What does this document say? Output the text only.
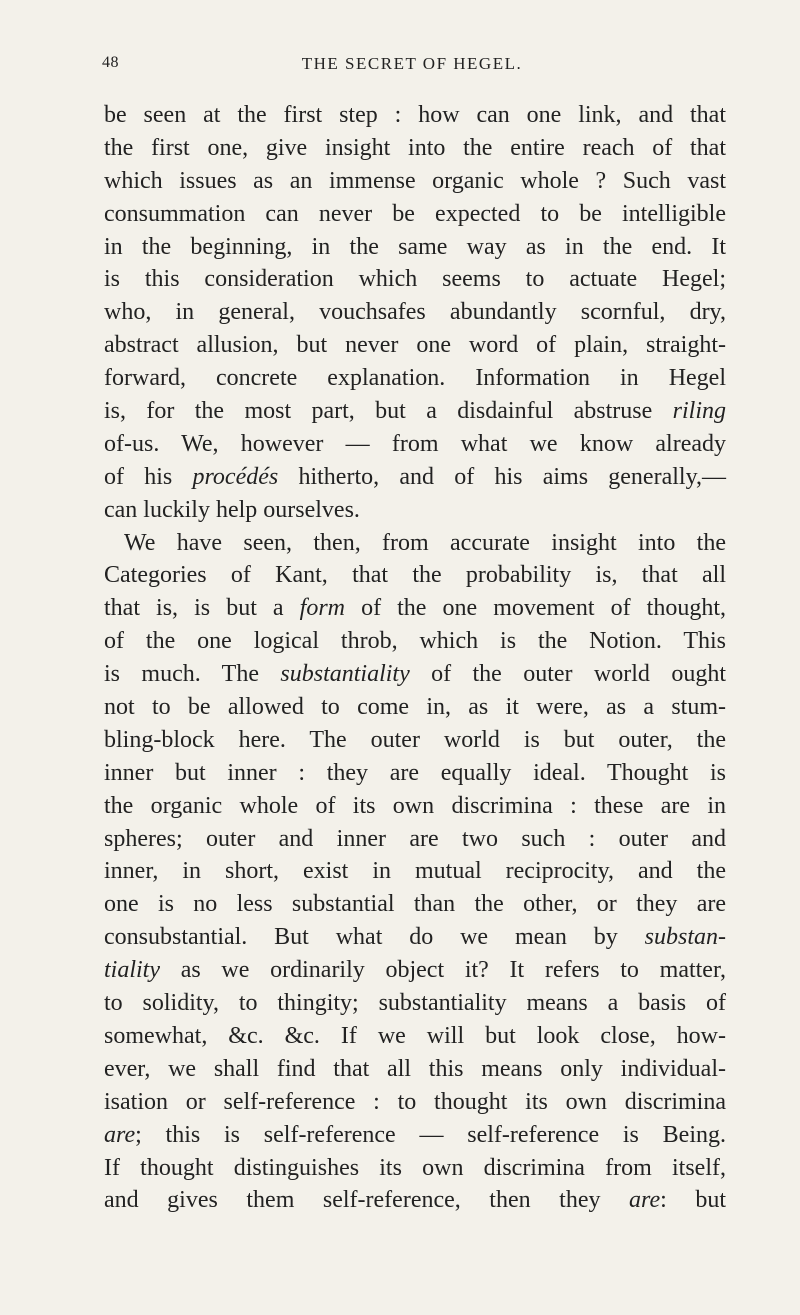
48	THE SECRET OF HEGEL.
be seen at the first step : how can one link, and that
the first one, give insight into the entire reach of that
which issues as an immense organic whole ? Such vast
consummation can never be expected to be intelligible
in the beginning, in the same way as in the end. It
is this consideration which seems to actuate Hegel;
who, in general, vouchsafes abundantly scornful, dry,
abstract allusion, but never one word of plain, straight-
forward, concrete explanation. Information in Hegel
is, for the most part, but a disdainful abstruse riling
of-us. We, however — from what we know already
of his procédés hitherto, and of his aims generally,—
can luckily help ourselves.
We have seen, then, from accurate insight into the
Categories of Kant, that the probability is, that all
that is, is but a form of the one movement of thought,
of the one logical throb, which is the Notion. This
is much. The substantiality of the outer world ought
not to be allowed to come in, as it were, as a stum-
bling-block here. The outer world is but outer, the
inner but inner : they are equally ideal. Thought is
the organic whole of its own discrimina : these are in
spheres; outer and inner are two such : outer and
inner, in short, exist in mutual reciprocity, and the
one is no less substantial than the other, or they are
consubstantial. But what do we mean by substan-
tiality as we ordinarily object it? It refers to matter,
to solidity, to thingity; substantiality means a basis of
somewhat, &c. &c. If we will but look close, how-
ever, we shall find that all this means only individual-
isation or self-reference : to thought its own discrimina
are; this is self-reference — self-reference is Being.
If thought distinguishes its own discrimina from itself,
and gives them self-reference, then they are: but
